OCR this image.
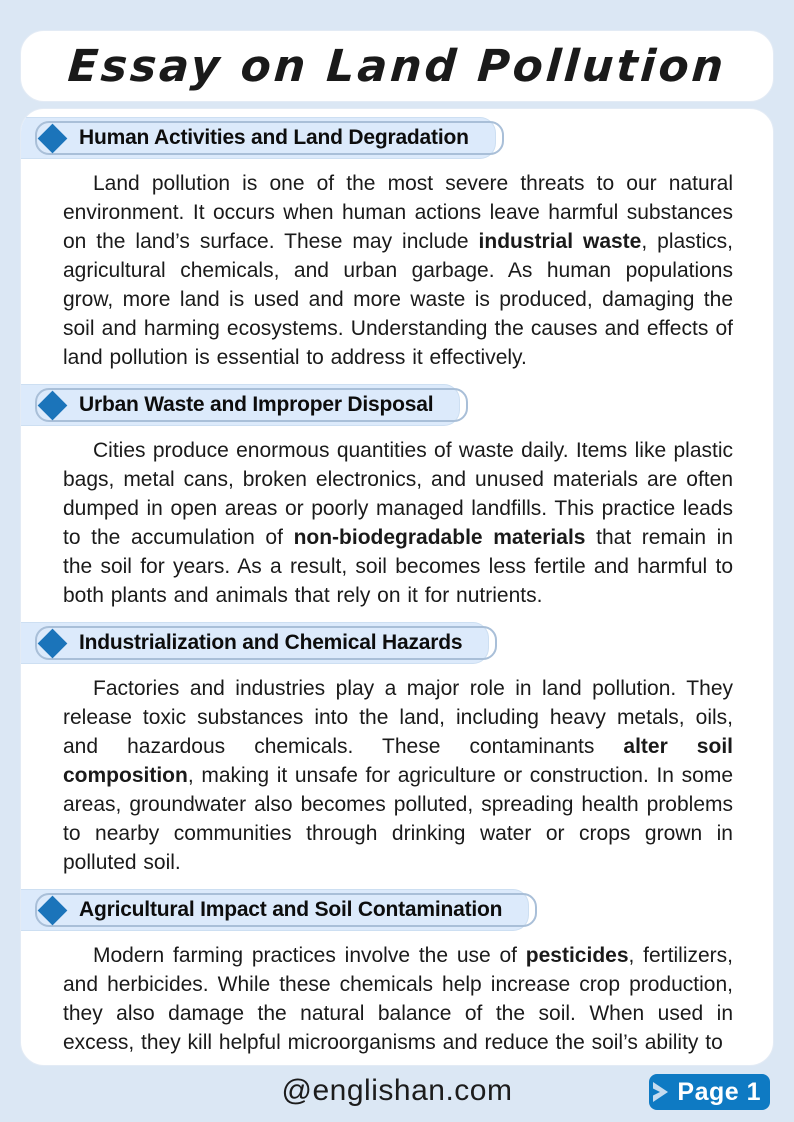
Essay on Land Pollution
Human Activities and Land Degradation

Land pollution is one of the most severe threats to our natural environment. It occurs when human actions leave harmful substances on the land’s surface. These may include industrial waste, plastics, agricultural chemicals, and urban garbage. As human populations grow, more land is used and more waste is produced, damaging the soil and harming ecosystems. Understanding the causes and effects of land pollution is essential to address it effectively.

Urban Waste and Improper Disposal

Cities produce enormous quantities of waste daily. Items like plastic bags, metal cans, broken electronics, and unused materials are often dumped in open areas or poorly managed landfills. This practice leads to the accumulation of non-biodegradable materials that remain in the soil for years. As a result, soil becomes less fertile and harmful to both plants and animals that rely on it for nutrients.

Industrialization and Chemical Hazards

Factories and industries play a major role in land pollution. They release toxic substances into the land, including heavy metals, oils, and hazardous chemicals. These contaminants alter soil composition, making it unsafe for agriculture or construction. In some areas, groundwater also becomes polluted, spreading health problems to nearby communities through drinking water or crops grown in polluted soil.

Agricultural Impact and Soil Contamination

Modern farming practices involve the use of pesticides, fertilizers, and herbicides. While these chemicals help increase crop production, they also damage the natural balance of the soil. When used in excess, they kill helpful microorganisms and reduce the soil’s ability to

@englishan.com	Page 1
